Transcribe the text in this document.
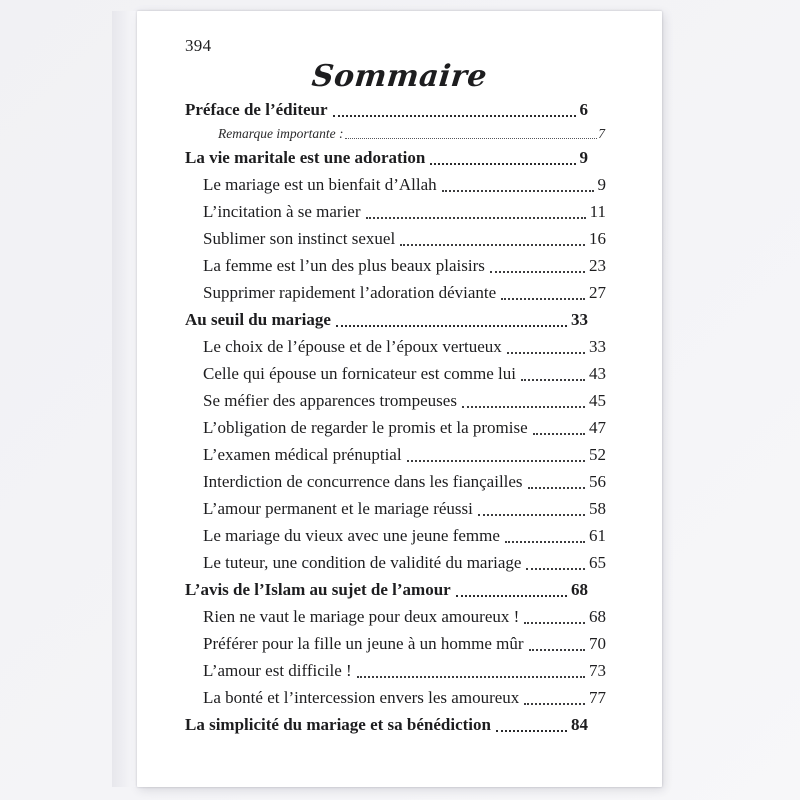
394
Sommaire
Préface de l’éditeur	6
Remarque importante :	7
La vie maritale est une adoration	9
Le mariage est un bienfait d’Allah	9
L’incitation à se marier	11
Sublimer son instinct sexuel	16
La femme est l’un des plus beaux plaisirs	23
Supprimer rapidement l’adoration déviante	27
Au seuil du mariage	33
Le choix de l’épouse et de l’époux vertueux	33
Celle qui épouse un fornicateur est comme lui	43
Se méfier des apparences trompeuses	45
L’obligation de regarder le promis et la promise	47
L’examen médical prénuptial	52
Interdiction de concurrence dans les fiançailles	56
L’amour permanent et le mariage réussi	58
Le mariage du vieux avec une jeune femme	61
Le tuteur, une condition de validité du mariage	65
L’avis de l’Islam au sujet de l’amour	68
Rien ne vaut le mariage pour deux amoureux !	68
Préférer pour la fille un jeune à un homme mûr	70
L’amour est difficile !	73
La bonté et l’intercession envers les amoureux	77
La simplicité du mariage et sa bénédiction	84
